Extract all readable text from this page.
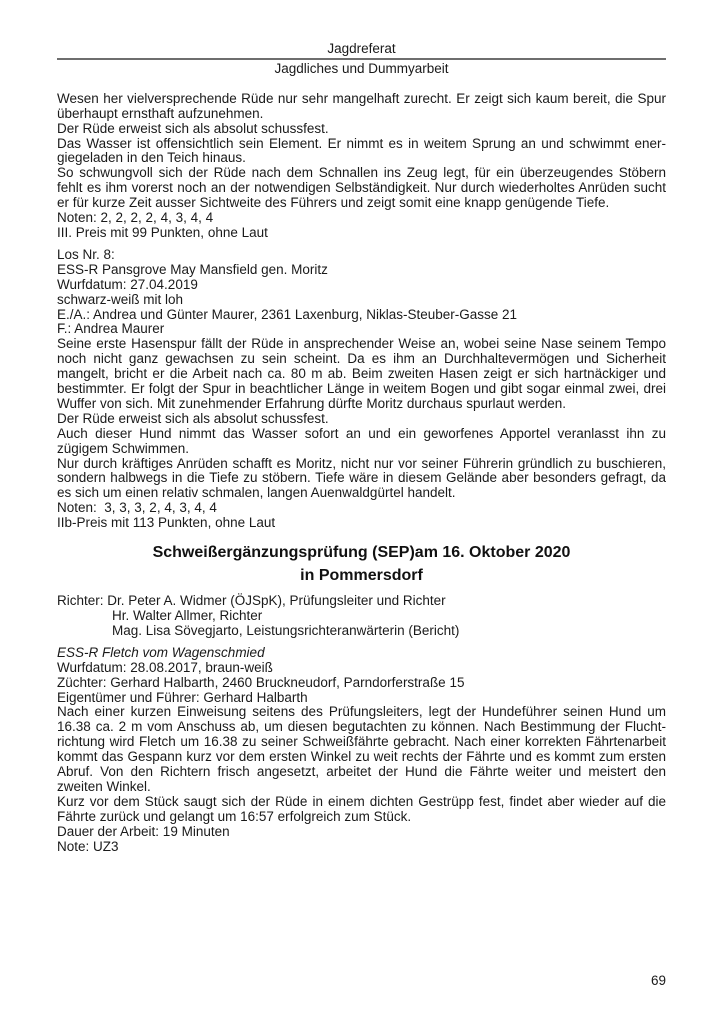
Jagdreferat
Jagdliches und Dummyarbeit

Wesen her vielversprechende Rüde nur sehr mangelhaft zurecht. Er zeigt sich kaum bereit, die Spur überhaupt ernsthaft aufzunehmen.

Der Rüde erweist sich als absolut schussfest.

Das Wasser ist offensichtlich sein Element. Er nimmt es in weitem Sprung an und schwimmt energiegeladen in den Teich hinaus.

So schwungvoll sich der Rüde nach dem Schnallen ins Zeug legt, für ein überzeugendes Stöbern fehlt es ihm vorerst noch an der notwendigen Selbständigkeit. Nur durch wiederholtes Anrüden sucht er für kurze Zeit ausser Sichtweite des Führers und zeigt somit eine knapp genügende Tiefe.

Noten: 2, 2, 2, 2, 4, 3, 4, 4

III. Preis mit 99 Punkten, ohne Laut

Los Nr. 8:

ESS-R Pansgrove May Mansfield gen. Moritz

Wurfdatum: 27.04.2019

schwarz-weiß mit loh

E./A.: Andrea und Günter Maurer, 2361 Laxenburg, Niklas-Steuber-Gasse 21

F.: Andrea Maurer

Seine erste Hasenspur fällt der Rüde in ansprechender Weise an, wobei seine Nase seinem Tempo noch nicht ganz gewachsen zu sein scheint. Da es ihm an Durchhaltevermögen und Sicherheit mangelt, bricht er die Arbeit nach ca. 80 m ab. Beim zweiten Hasen zeigt er sich hartnäckiger und bestimmter. Er folgt der Spur in beachtlicher Länge in weitem Bogen und gibt sogar einmal zwei, drei Wuffer von sich. Mit zunehmender Erfahrung dürfte Moritz durchaus spurlaut werden.

Der Rüde erweist sich als absolut schussfest.

Auch dieser Hund nimmt das Wasser sofort an und ein geworfenes Apportel veranlasst ihn zu zügigem Schwimmen.

Nur durch kräftiges Anrüden schafft es Moritz, nicht nur vor seiner Führerin gründlich zu buschieren, sondern halbwegs in die Tiefe zu stöbern. Tiefe wäre in diesem Gelände aber besonders gefragt, da es sich um einen relativ schmalen, langen Auenwaldgürtel handelt.

Noten:  3, 3, 3, 2, 4, 3, 4, 4

IIb-Preis mit 113 Punkten, ohne Laut

Schweißergänzungsprüfung (SEP)am 16. Oktober 2020
in Pommersdorf

Richter: Dr. Peter A. Widmer (ÖJSpK), Prüfungsleiter und Richter

Hr. Walter Allmer, Richter

Mag. Lisa Sövegjarto, Leistungsrichteranwärterin (Bericht)

ESS-R Fletch vom Wagenschmied

Wurfdatum: 28.08.2017, braun-weiß

Züchter: Gerhard Halbarth, 2460 Bruckneudorf, Parndorferstraße 15

Eigentümer und Führer: Gerhard Halbarth

Nach einer kurzen Einweisung seitens des Prüfungsleiters, legt der Hundeführer seinen Hund um 16.38 ca. 2 m vom Anschuss ab, um diesen begutachten zu können. Nach Bestimmung der Fluchtrichtung wird Fletch um 16.38 zu seiner Schweißfährte gebracht. Nach einer korrekten Fährtenarbeit kommt das Gespann kurz vor dem ersten Winkel zu weit rechts der Fährte und es kommt zum ersten Abruf. Von den Richtern frisch angesetzt, arbeitet der Hund die Fährte weiter und meistert den zweiten Winkel.

Kurz vor dem Stück saugt sich der Rüde in einem dichten Gestrüpp fest, findet aber wieder auf die Fährte zurück und gelangt um 16:57 erfolgreich zum Stück.

Dauer der Arbeit: 19 Minuten

Note: UZ3

69
